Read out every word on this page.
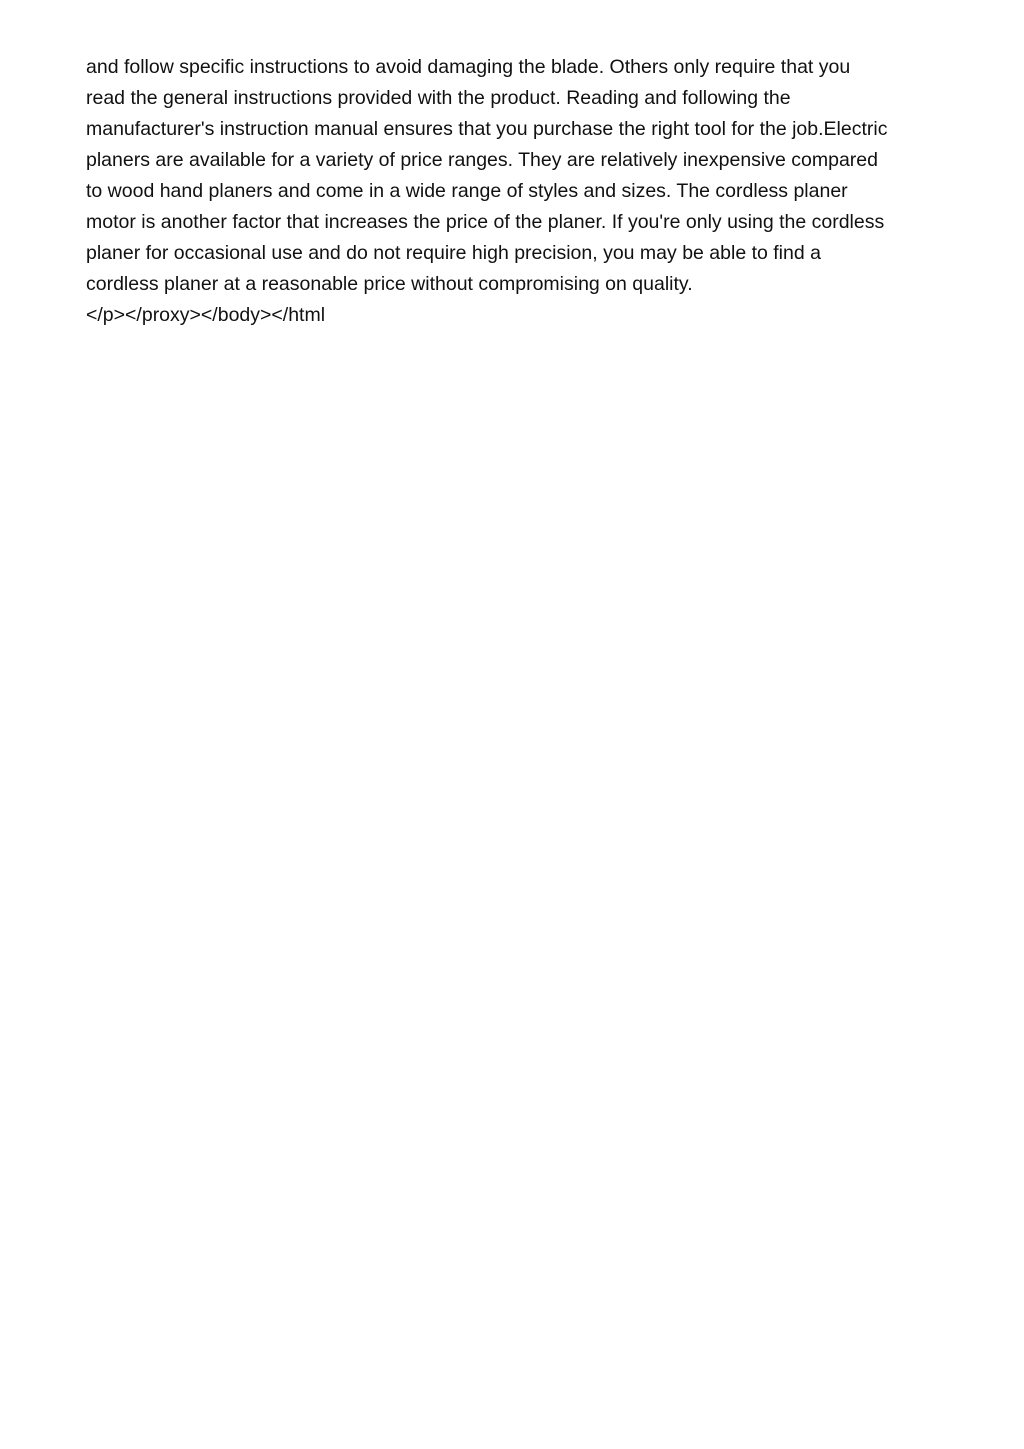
and follow specific instructions to avoid damaging the blade. Others only require that you
read the general instructions provided with the product. Reading and following the
manufacturer's instruction manual ensures that you purchase the right tool for the job.Electric
planers are available for a variety of price ranges. They are relatively inexpensive compared
to wood hand planers and come in a wide range of styles and sizes. The cordless planer
motor is another factor that increases the price of the planer. If you're only using the cordless
planer for occasional use and do not require high precision, you may be able to find a
cordless planer at a reasonable price without compromising on quality.
</p></proxy></body></html
